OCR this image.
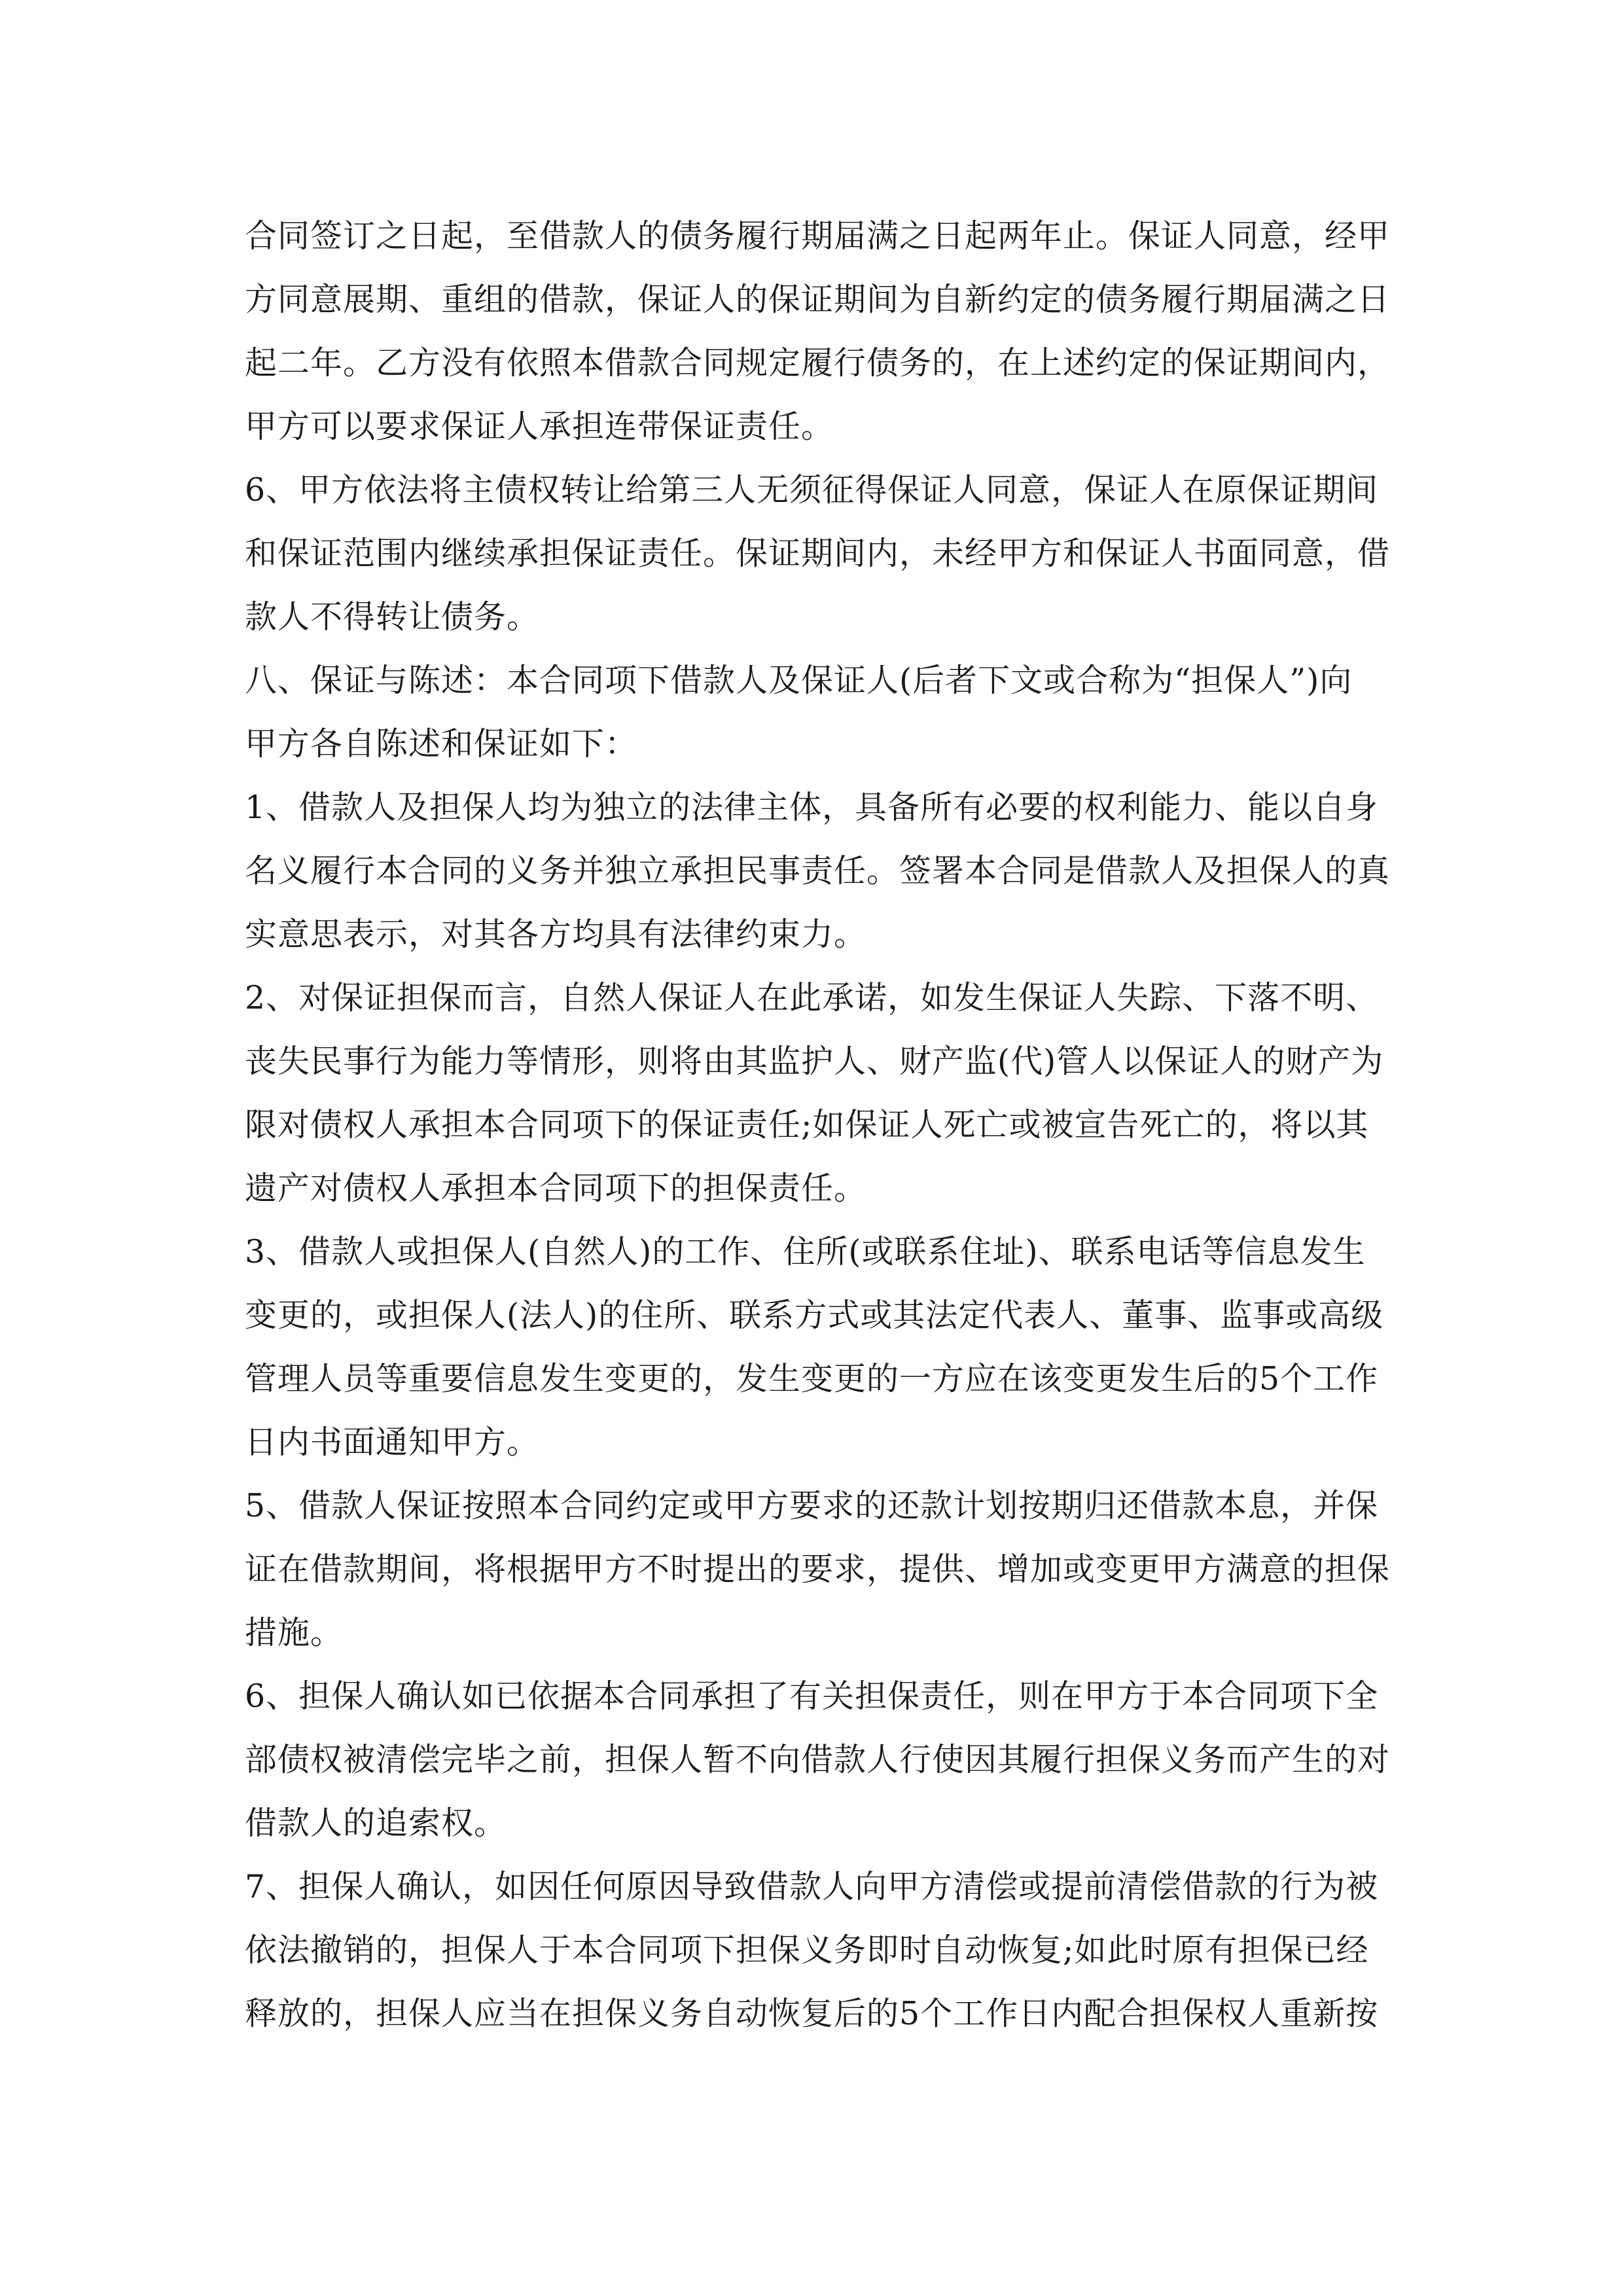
合同签订之日起，至借款人的债务履行期届满之日起两年止。保证人同意，经甲
方同意展期、重组的借款，保证人的保证期间为自新约定的债务履行期届满之日
起二年。乙方没有依照本借款合同规定履行债务的，在上述约定的保证期间内，
甲方可以要求保证人承担连带保证责任。
6、甲方依法将主债权转让给第三人无须征得保证人同意，保证人在原保证期间
和保证范围内继续承担保证责任。保证期间内，未经甲方和保证人书面同意，借
款人不得转让债务。
八、保证与陈述：本合同项下借款人及保证人(后者下文或合称为“担保人”)向
甲方各自陈述和保证如下：
1、借款人及担保人均为独立的法律主体，具备所有必要的权利能力、能以自身
名义履行本合同的义务并独立承担民事责任。签署本合同是借款人及担保人的真
实意思表示，对其各方均具有法律约束力。
2、对保证担保而言，自然人保证人在此承诺，如发生保证人失踪、下落不明、
丧失民事行为能力等情形，则将由其监护人、财产监(代)管人以保证人的财产为
限对债权人承担本合同项下的保证责任;如保证人死亡或被宣告死亡的，将以其
遗产对债权人承担本合同项下的担保责任。
3、借款人或担保人(自然人)的工作、住所(或联系住址)、联系电话等信息发生
变更的，或担保人(法人)的住所、联系方式或其法定代表人、董事、监事或高级
管理人员等重要信息发生变更的，发生变更的一方应在该变更发生后的5个工作
日内书面通知甲方。
5、借款人保证按照本合同约定或甲方要求的还款计划按期归还借款本息，并保
证在借款期间，将根据甲方不时提出的要求，提供、增加或变更甲方满意的担保
措施。
6、担保人确认如已依据本合同承担了有关担保责任，则在甲方于本合同项下全
部债权被清偿完毕之前，担保人暂不向借款人行使因其履行担保义务而产生的对
借款人的追索权。
7、担保人确认，如因任何原因导致借款人向甲方清偿或提前清偿借款的行为被
依法撤销的，担保人于本合同项下担保义务即时自动恢复;如此时原有担保已经
释放的，担保人应当在担保义务自动恢复后的5个工作日内配合担保权人重新按
